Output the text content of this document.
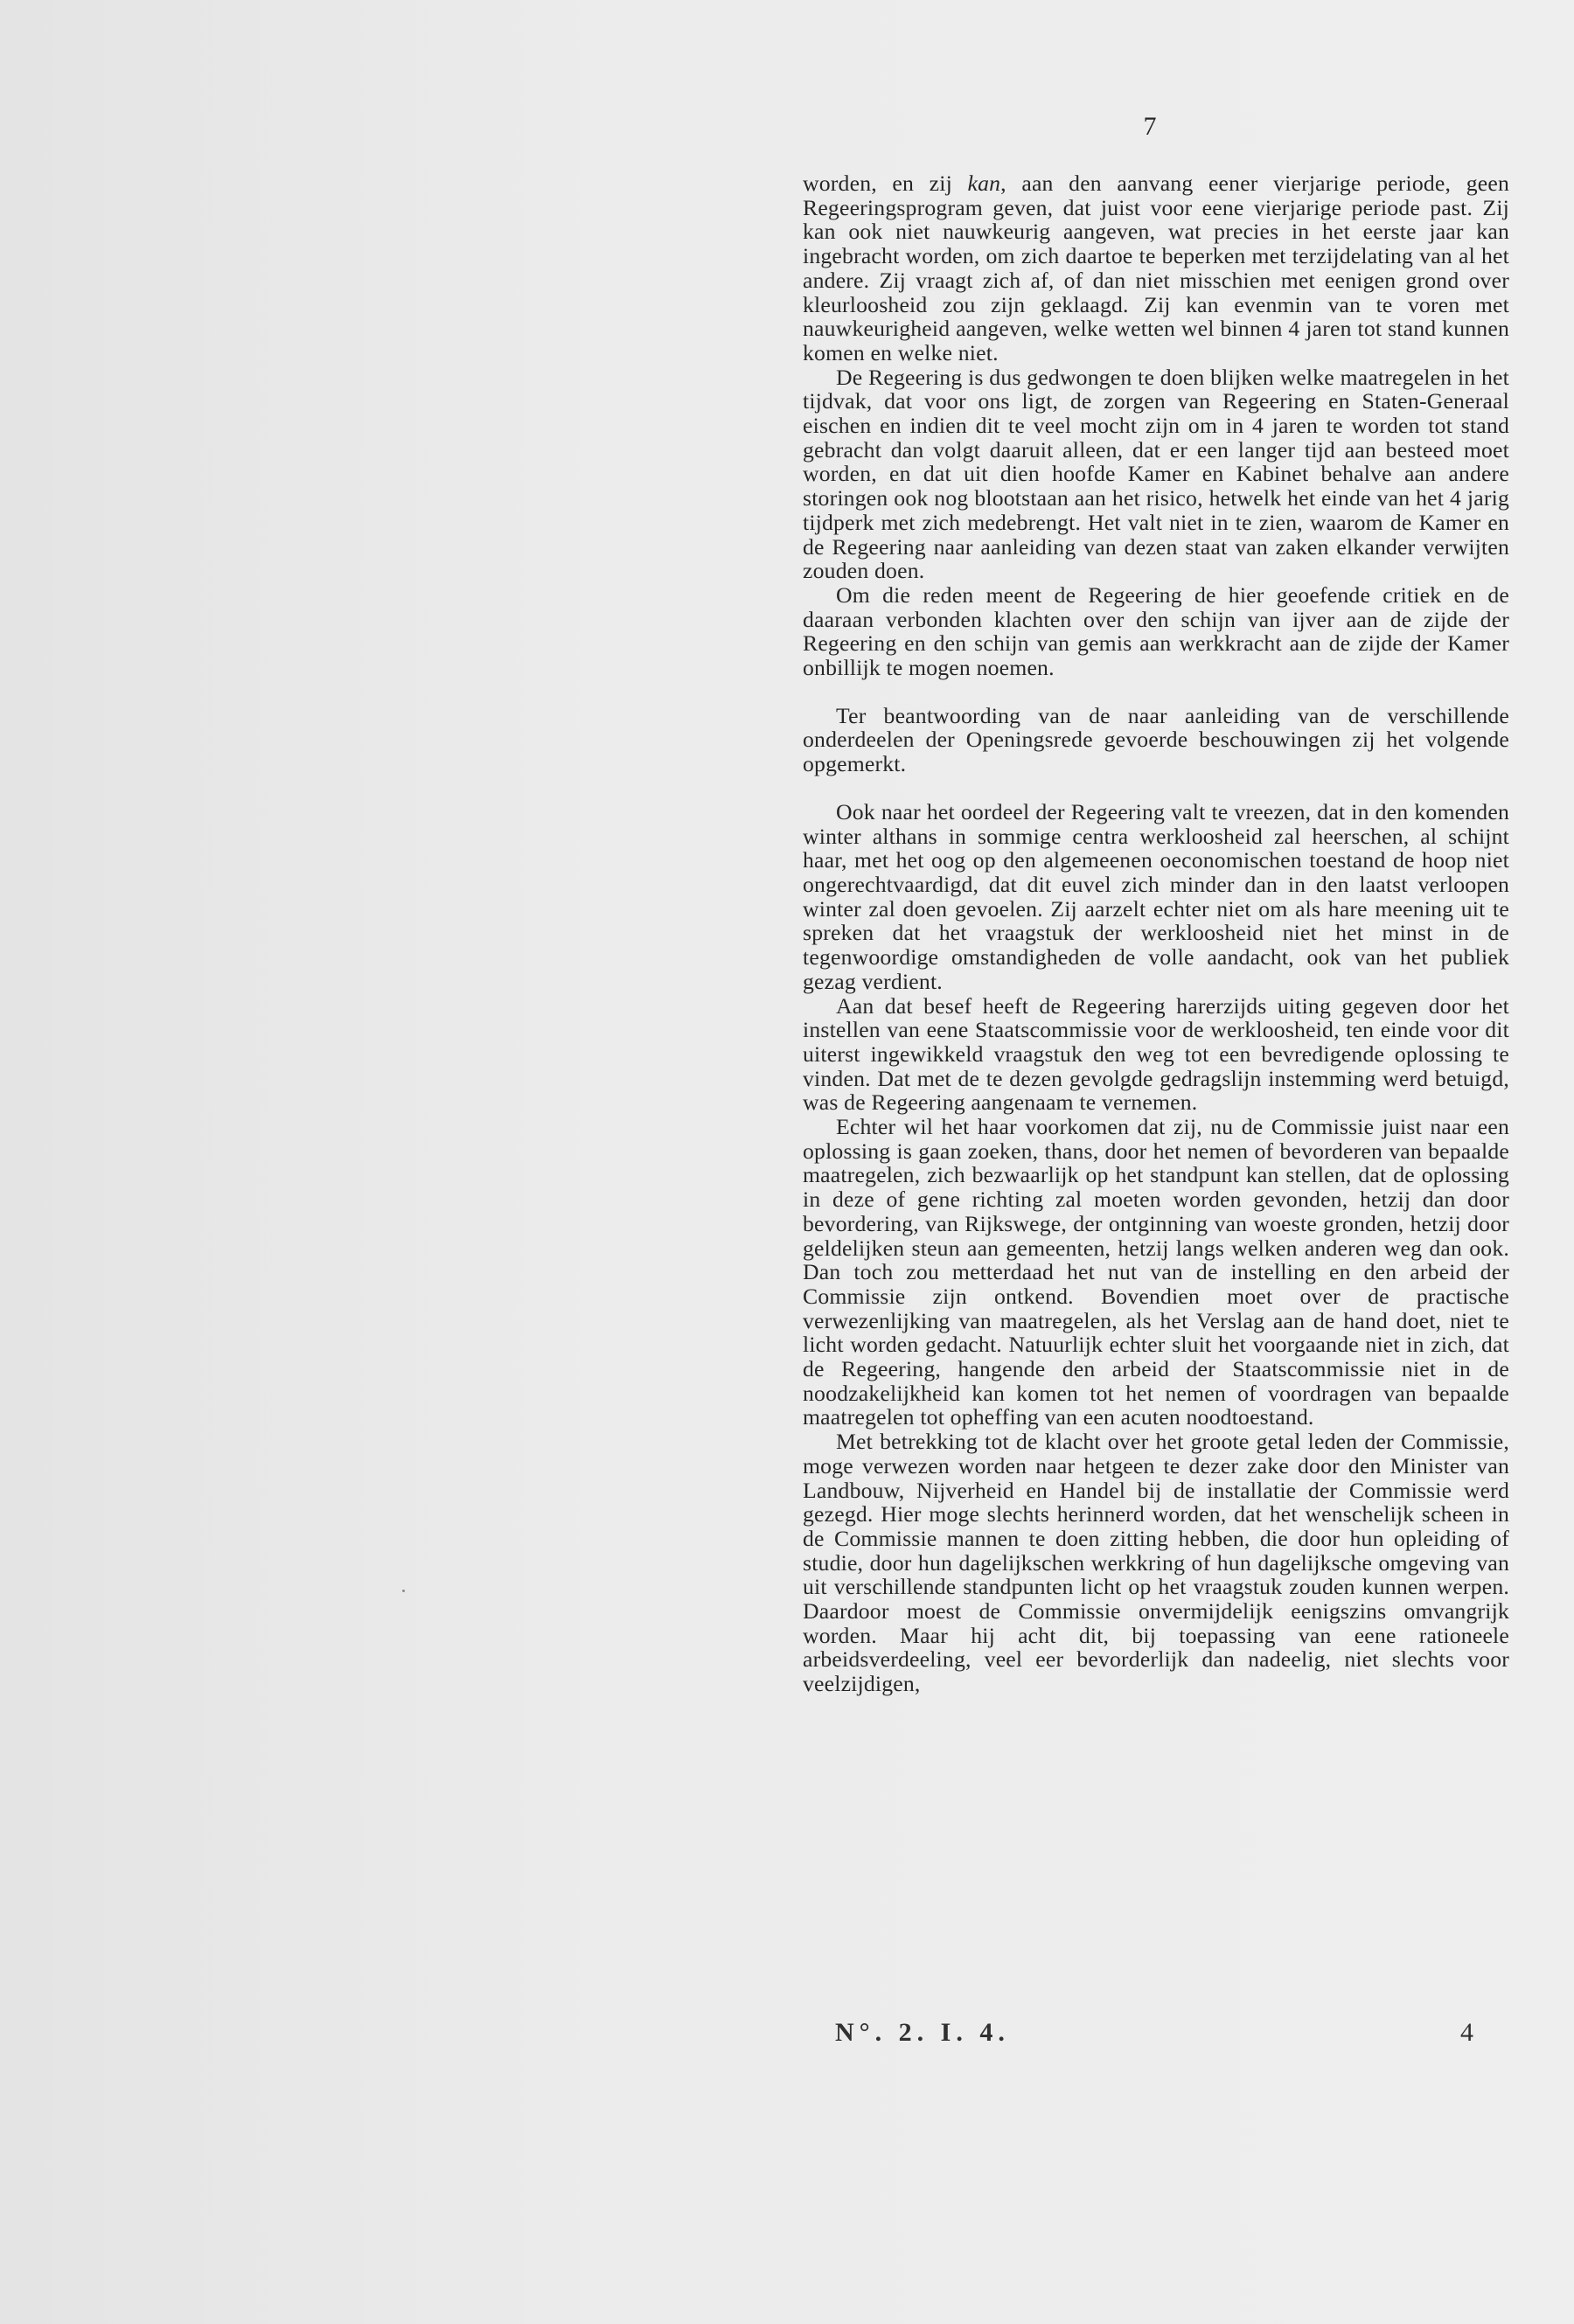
7

worden, en zij kan, aan den aanvang eener vierjarige periode, geen Regeeringsprogram geven, dat juist voor eene vierjarige periode past. Zij kan ook niet nauwkeurig aangeven, wat precies in het eerste jaar kan ingebracht worden, om zich daartoe te beperken met terzijdelating van al het andere. Zij vraagt zich af, of dan niet misschien met eenigen grond over kleurloosheid zou zijn geklaagd. Zij kan evenmin van te voren met nauwkeurigheid aangeven, welke wetten wel binnen 4 jaren tot stand kunnen komen en welke niet.

De Regeering is dus gedwongen te doen blijken welke maatregelen in het tijdvak, dat voor ons ligt, de zorgen van Regeering en Staten-Generaal eischen en indien dit te veel mocht zijn om in 4 jaren te worden tot stand gebracht dan volgt daaruit alleen, dat er een langer tijd aan besteed moet worden, en dat uit dien hoofde Kamer en Kabinet behalve aan andere storingen ook nog blootstaan aan het risico, hetwelk het einde van het 4 jarig tijdperk met zich medebrengt. Het valt niet in te zien, waarom de Kamer en de Regeering naar aanleiding van dezen staat van zaken elkander verwijten zouden doen.

Om die reden meent de Regeering de hier geoefende critiek en de daaraan verbonden klachten over den schijn van ijver aan de zijde der Regeering en den schijn van gemis aan werkkracht aan de zijde der Kamer onbillijk te mogen noemen.

Ter beantwoording van de naar aanleiding van de verschillende onderdeelen der Openingsrede gevoerde beschouwingen zij het volgende opgemerkt.

Ook naar het oordeel der Regeering valt te vreezen, dat in den komenden winter althans in sommige centra werkloosheid zal heerschen, al schijnt haar, met het oog op den algemeenen oeconomischen toestand de hoop niet ongerechtvaardigd, dat dit euvel zich minder dan in den laatst verloopen winter zal doen gevoelen. Zij aarzelt echter niet om als hare meening uit te spreken dat het vraagstuk der werkloosheid niet het minst in de tegenwoordige omstandigheden de volle aandacht, ook van het publiek gezag verdient.

Aan dat besef heeft de Regeering harerzijds uiting gegeven door het instellen van eene Staatscommissie voor de werkloosheid, ten einde voor dit uiterst ingewikkeld vraagstuk den weg tot een bevredigende oplossing te vinden. Dat met de te dezen gevolgde gedragslijn instemming werd betuigd, was de Regeering aangenaam te vernemen.

Echter wil het haar voorkomen dat zij, nu de Commissie juist naar een oplossing is gaan zoeken, thans, door het nemen of bevorderen van bepaalde maatregelen, zich bezwaarlijk op het standpunt kan stellen, dat de oplossing in deze of gene richting zal moeten worden gevonden, hetzij dan door bevordering, van Rijkswege, der ontginning van woeste gronden, hetzij door geldelijken steun aan gemeenten, hetzij langs welken anderen weg dan ook. Dan toch zou metterdaad het nut van de instelling en den arbeid der Commissie zijn ontkend. Bovendien moet over de practische verwezenlijking van maatregelen, als het Verslag aan de hand doet, niet te licht worden gedacht. Natuurlijk echter sluit het voorgaande niet in zich, dat de Regeering, hangende den arbeid der Staatscommissie niet in de noodzakelijkheid kan komen tot het nemen of voordragen van bepaalde maatregelen tot opheffing van een acuten noodtoestand.

Met betrekking tot de klacht over het groote getal leden der Commissie, moge verwezen worden naar hetgeen te dezer zake door den Minister van Landbouw, Nijverheid en Handel bij de installatie der Commissie werd gezegd. Hier moge slechts herinnerd worden, dat het wenschelijk scheen in de Commissie mannen te doen zitting hebben, die door hun opleiding of studie, door hun dagelijkschen werkkring of hun dagelijksche omgeving van uit verschillende standpunten licht op het vraagstuk zouden kunnen werpen. Daardoor moest de Commissie onvermijdelijk eenigszins omvangrijk worden. Maar hij acht dit, bij toepassing van eene rationeele arbeidsverdeeling, veel eer bevorderlijk dan nadeelig, niet slechts voor veelzijdigen,

N°. 2. I. 4.	4
